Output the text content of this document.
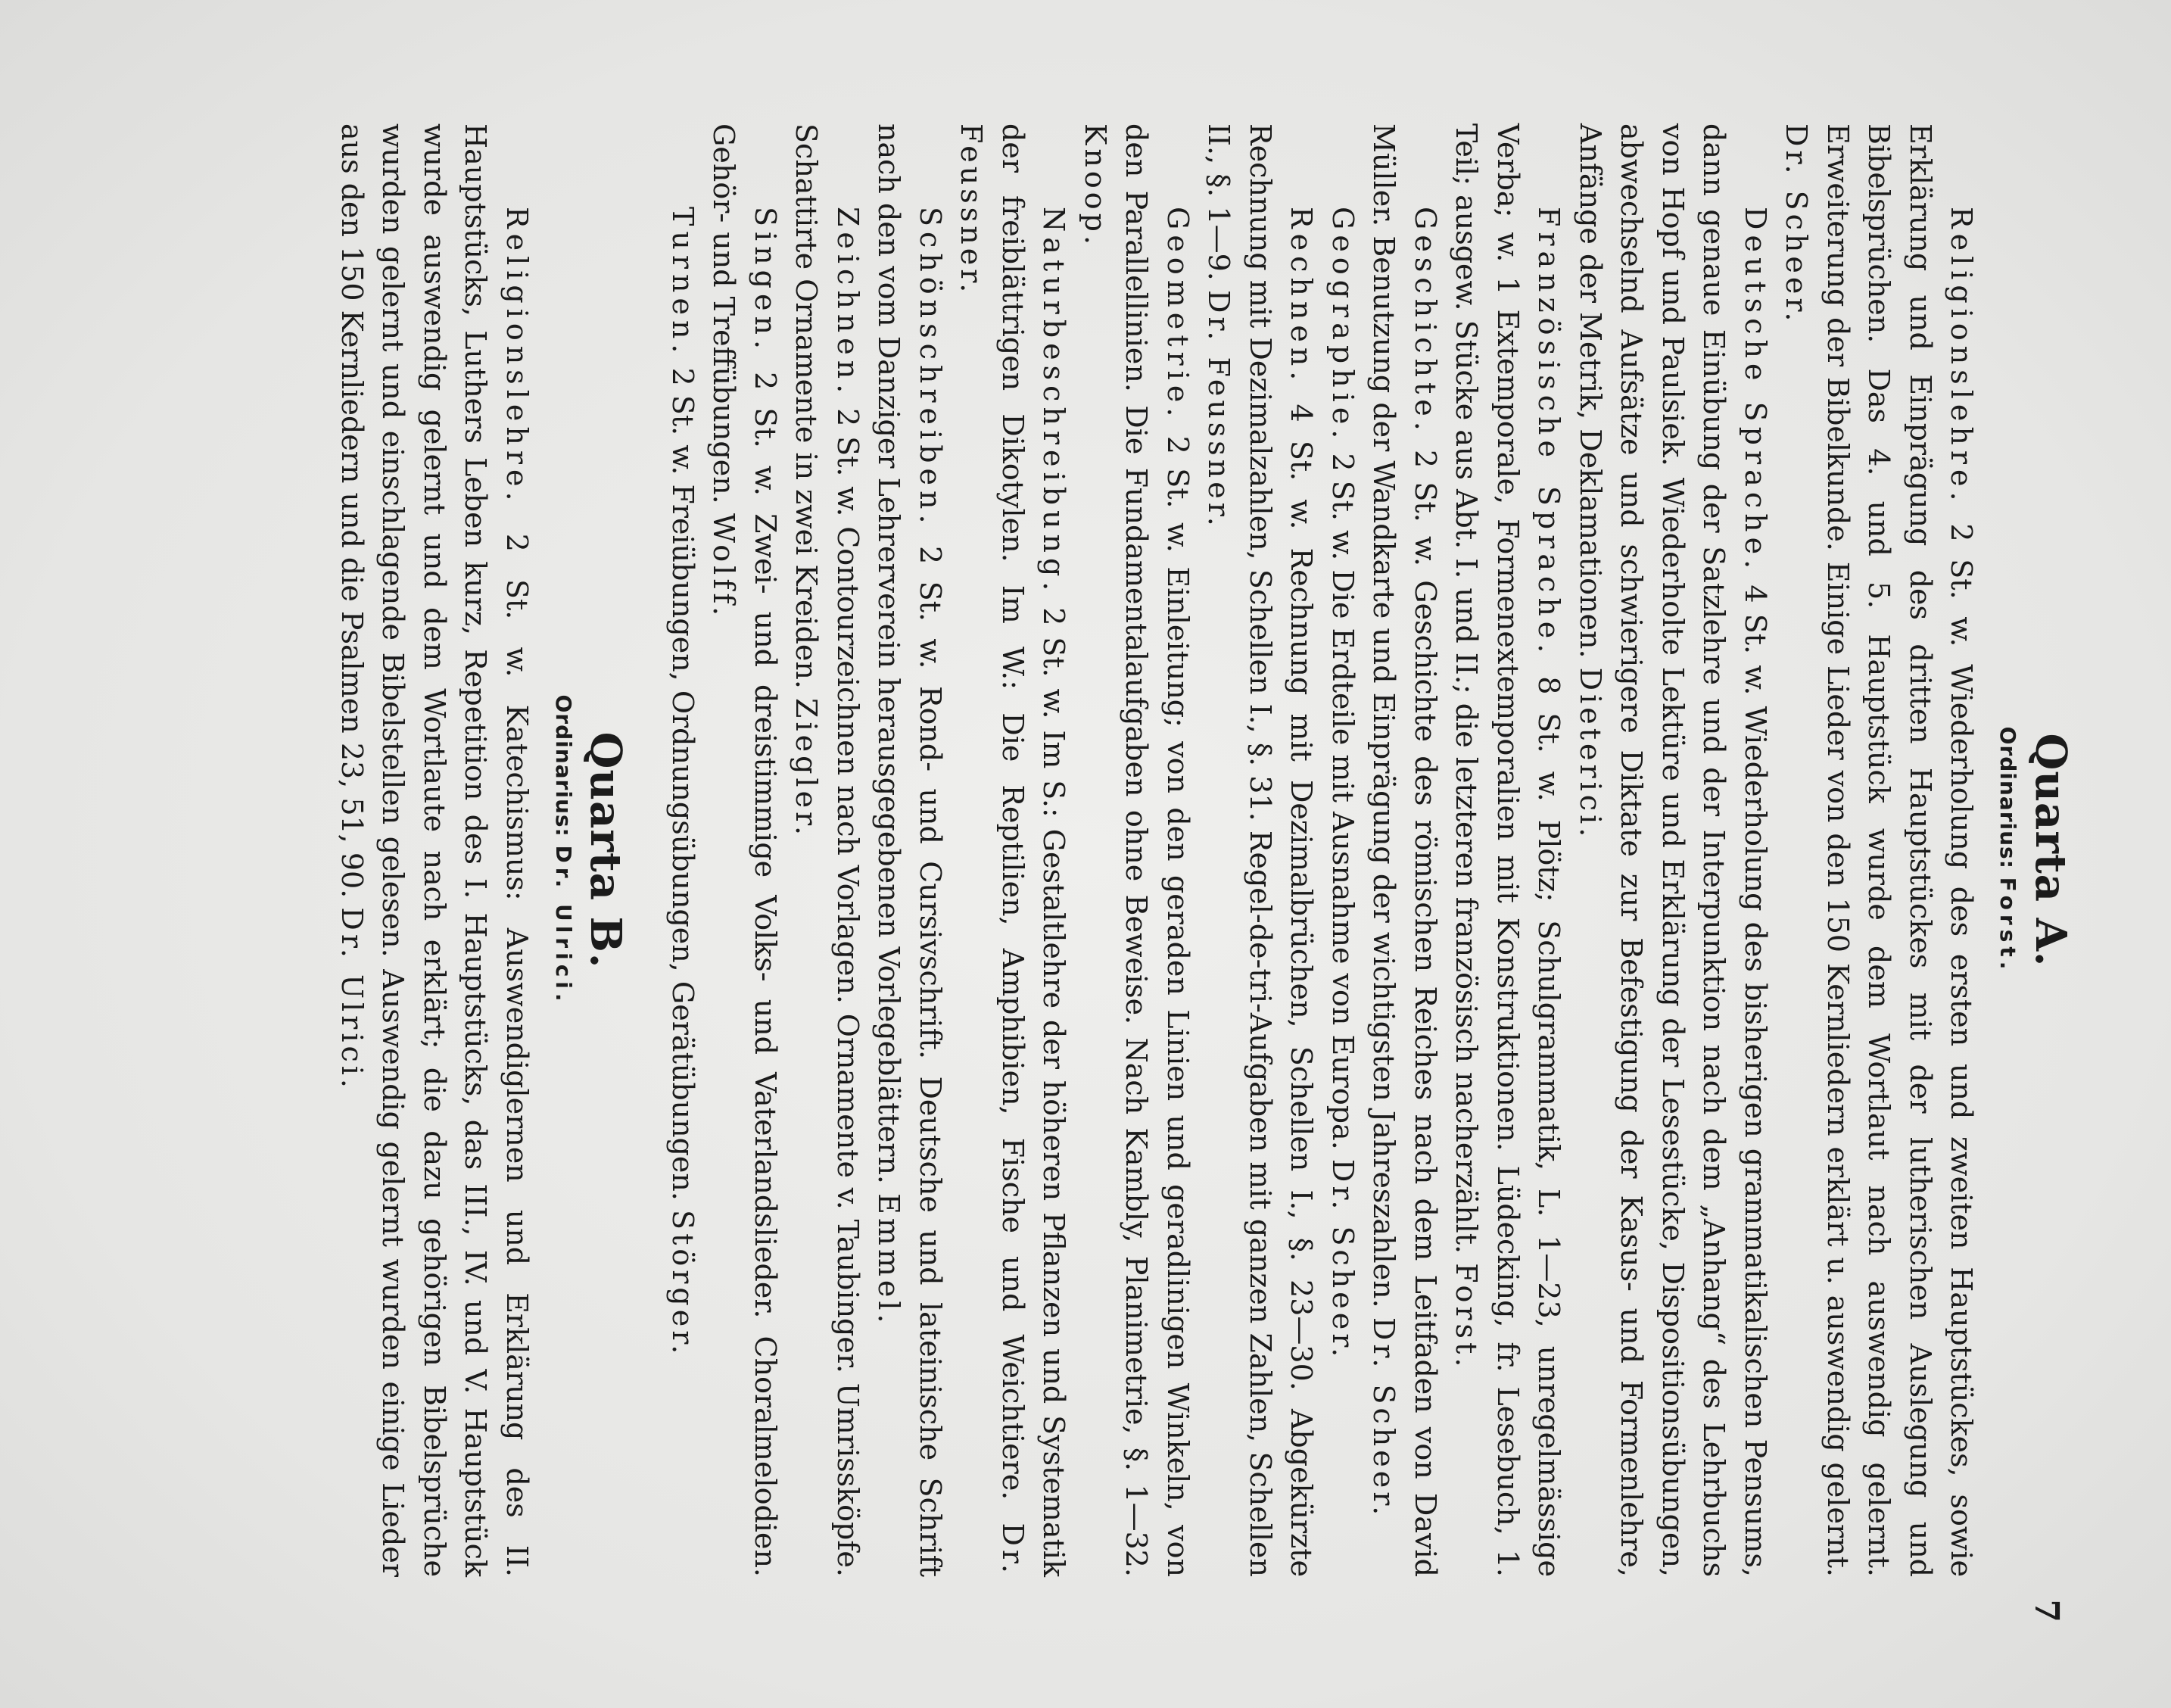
7
Quarta A.
Ordinarius: Forst.

Religionslehre. 2 St. w. Wiederholung des ersten und zweiten Hauptstückes, sowie Erklärung und Einprägung des dritten Hauptstückes mit der lutherischen Auslegung und Bibelsprüchen. Das 4. und 5. Hauptstück wurde dem Wortlaut nach auswendig gelernt. Erweiterung der Bibelkunde. Einige Lieder von den 150 Kernliedern erklärt u. auswendig gelernt. Dr. Scheer.

Deutsche Sprache. 4 St. w. Wiederholung des bisherigen grammatikalischen Pensums, dann genaue Einübung der Satzlehre und der Interpunktion nach dem „Anhang“ des Lehrbuchs von Hopf und Paulsiek. Wiederholte Lektüre und Erklärung der Lesestücke, Dispositionsübungen, abwechselnd Aufsätze und schwierigere Diktate zur Befestigung der Kasus- und Formenlehre, Anfänge der Metrik, Deklamationen. Dieterici.

Französische Sprache. 8 St. w. Plötz; Schulgrammatik, L. 1—23, unregelmässige Verba; w. 1 Extemporale, Formenextemporalien mit Konstruktionen. Lüdecking, fr. Lesebuch, 1. Teil; ausgew. Stücke aus Abt. I. und II.; die letzteren französisch nacherzählt. Forst.

Geschichte. 2 St. w. Geschichte des römischen Reiches nach dem Leitfaden von David Müller. Benutzung der Wandkarte und Einprägung der wichtigsten Jahreszahlen. Dr. Scheer.

Geographie. 2 St. w. Die Erdteile mit Ausnahme von Europa. Dr. Scheer.

Rechnen. 4 St. w. Rechnung mit Dezimalbrüchen, Schellen I., §. 23—30. Abgekürzte Rechnung mit Dezimalzahlen, Schellen I., §. 31. Regel-de-tri-Aufgaben mit ganzen Zahlen, Schellen II., §. 1—9. Dr. Feussner.

Geometrie. 2 St. w. Einleitung; von den geraden Linien und geradlinigen Winkeln, von den Parallellinien. Die Fundamentalaufgaben ohne Beweise. Nach Kambly, Planimetrie, §. 1—32. Knoop.

Naturbeschreibung. 2 St. w. Im S.: Gestaltlehre der höheren Pflanzen und Systematik der freiblättrigen Dikotylen. Im W.: Die Reptilien, Amphibien, Fische und Weichtiere. Dr. Feussner.

Schönschreiben. 2 St. w. Rond- und Cursivschrift. Deutsche und lateinische Schrift nach den vom Danziger Lehrerverein herausgegebenen Vorlegeblättern. Emmel.

Zeichnen. 2 St. w. Contourzeichnen nach Vorlagen. Ornamente v. Taubinger. Umrissköpfe. Schattirte Ornamente in zwei Kreiden. Ziegler.

Singen. 2 St. w. Zwei- und dreistimmige Volks- und Vaterlandslieder. Choralmelodien. Gehör- und Treffübungen. Wolff.

Turnen. 2 St. w. Freiübungen, Ordnungsübungen, Gerätübungen. Störger.

Quarta B.
Ordinarius: Dr. Ulrici.

Religionslehre. 2 St. w. Katechismus: Auswendiglernen und Erklärung des II. Hauptstücks, Luthers Leben kurz, Repetition des I. Hauptstücks, das III., IV. und V. Hauptstück wurde auswendig gelernt und dem Wortlaute nach erklärt; die dazu gehörigen Bibelsprüche wurden gelernt und einschlagende Bibelstellen gelesen. Auswendig gelernt wurden einige Lieder aus den 150 Kernliedern und die Psalmen 23, 51, 90. Dr. Ulrici.
